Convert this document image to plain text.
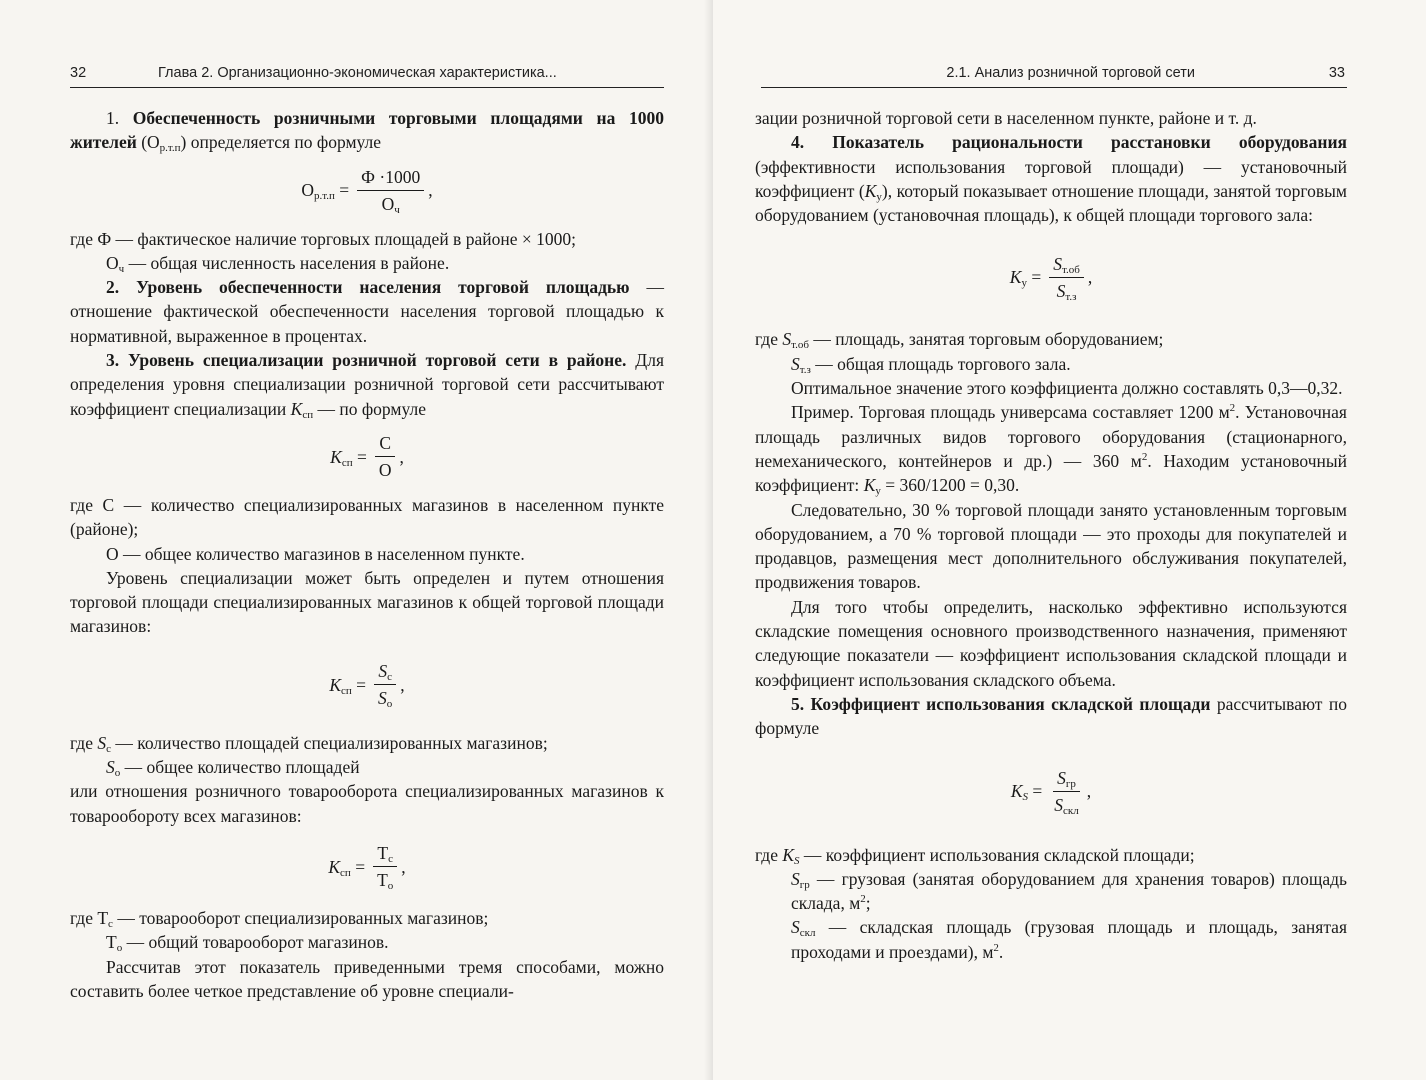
32	Глава 2. Организационно-экономическая характеристика...

1. Обеспеченность розничными торговыми площадями на 1000 жителей $(О_{р.т.п})$ определяется по формуле

$О_{р.т.п} = \frac{Ф \cdot 1000}{О_ч}$ ,

где Ф — фактическое наличие торговых площадей в районе × 1000;

$О_ч$ — общая численность населения в районе.

2. Уровень обеспеченности населения торговой площадью — отношение фактической обеспеченности населения торговой площадью к нормативной, выраженное в процентах.

3. Уровень специализации розничной торговой сети в районе. Для определения уровня специализации розничной торговой сети рассчитывают коэффициент специализации $K_{сп}$ — по формуле

$K_{сп} = \frac{С}{О}$ ,

где С — количество специализированных магазинов в населенном пункте (районе);

О — общее количество магазинов в населенном пункте.

Уровень специализации может быть определен и путем отношения торговой площади специализированных магазинов к общей торговой площади магазинов:

$K_{сп} = \frac{S_с}{S_о}$ ,

где $S_с$ — количество площадей специализированных магазинов;

$S_о$ — общее количество площадей

или отношения розничного товарооборота специализированных магазинов к товарообороту всех магазинов:

$K_{сп} = \frac{Т_с}{Т_о}$ ,

где $Т_с$ — товарооборот специализированных магазинов;

$Т_о$ — общий товарооборот магазинов.

Рассчитав этот показатель приведенными тремя способами, можно составить более четкое представление об уровне специали-

2.1. Анализ розничной торговой сети	33

зации розничной торговой сети в населенном пункте, районе и т. д.

4. Показатель рациональности расстановки оборудования (эффективности использования торговой площади) — установочный коэффициент $(K_у)$, который показывает отношение площади, занятой торговым оборудованием (установочная площадь), к общей площади торгового зала:

$K_у = \frac{S_{т.об}}{S_{т.з}}$ ,

где $S_{т.об}$ — площадь, занятая торговым оборудованием;

$S_{т.з}$ — общая площадь торгового зала.

Оптимальное значение этого коэффициента должно составлять 0,3—0,32.

Пример. Торговая площадь универсама составляет 1200 $м^2$. Установочная площадь различных видов торгового оборудования (стационарного, немеханического, контейнеров и др.) — 360 $м^2$. Находим установочный коэффициент: $K_у = 360/1200 = 0,30$.

Следовательно, 30 % торговой площади занято установленным торговым оборудованием, а 70 % торговой площади — это проходы для покупателей и продавцов, размещения мест дополнительного обслуживания покупателей, продвижения товаров.

Для того чтобы определить, насколько эффективно используются складские помещения основного производственного назначения, применяют следующие показатели — коэффициент использования складской площади и коэффициент использования складского объема.

5. Коэффициент использования складской площади рассчитывают по формуле

$K_S = \frac{S_{гр}}{S_{скл}}$ ,

где $K_S$ — коэффициент использования складской площади;

$S_{гр}$ — грузовая (занятая оборудованием для хранения товаров) площадь склада, $м^2$;

$S_{скл}$ — складская площадь (грузовая площадь и площадь, занятая проходами и проездами), $м^2$.
